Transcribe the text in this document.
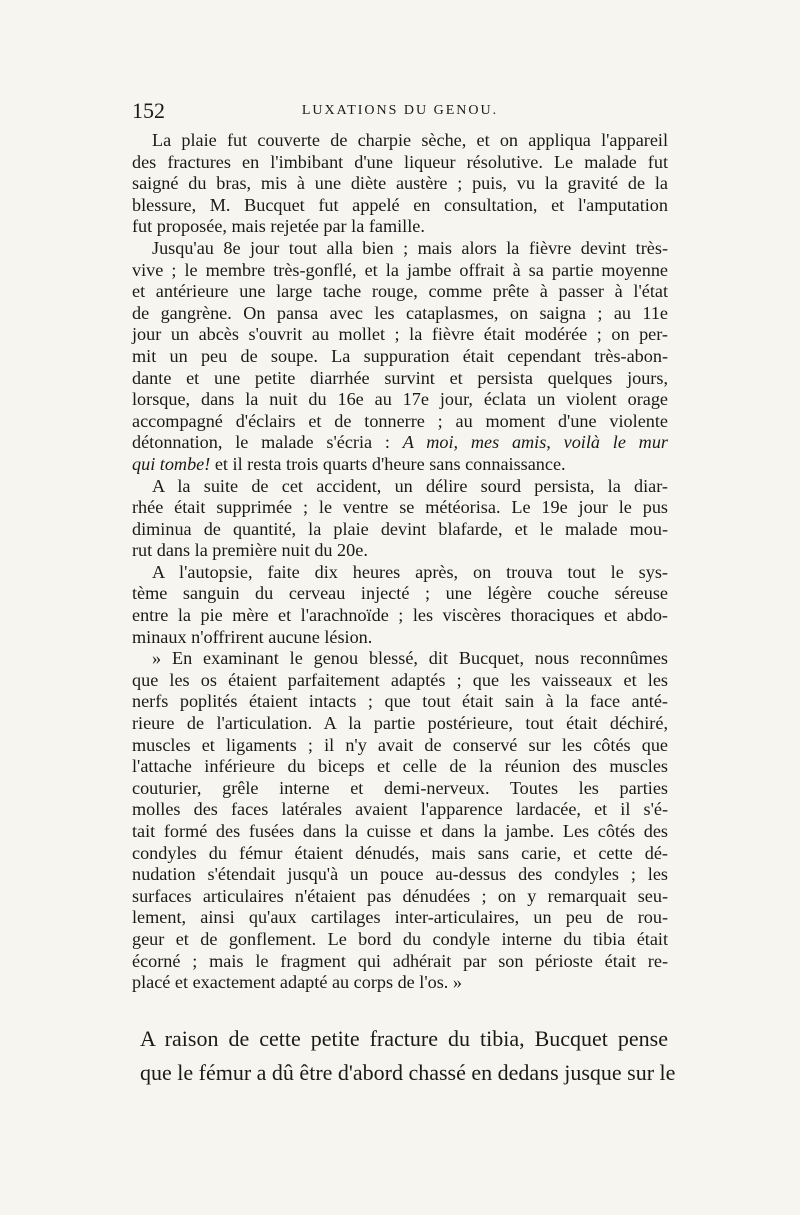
152	LUXATIONS DU GENOU.
La plaie fut couverte de charpie sèche, et on appliqua l'appareil
des fractures en l'imbibant d'une liqueur résolutive. Le malade fut
saigné du bras, mis à une diète austère ; puis, vu la gravité de la
blessure, M. Bucquet fut appelé en consultation, et l'amputation
fut proposée, mais rejetée par la famille.
Jusqu'au 8e jour tout alla bien ; mais alors la fièvre devint très-
vive ; le membre très-gonflé, et la jambe offrait à sa partie moyenne
et antérieure une large tache rouge, comme prête à passer à l'état
de gangrène. On pansa avec les cataplasmes, on saigna ; au 11e
jour un abcès s'ouvrit au mollet ; la fièvre était modérée ; on per-
mit un peu de soupe. La suppuration était cependant très-abon-
dante et une petite diarrhée survint et persista quelques jours,
lorsque, dans la nuit du 16e au 17e jour, éclata un violent orage
accompagné d'éclairs et de tonnerre ; au moment d'une violente
détonnation, le malade s'écria : A moi, mes amis, voilà le mur
qui tombe! et il resta trois quarts d'heure sans connaissance.
A la suite de cet accident, un délire sourd persista, la diar-
rhée était supprimée ; le ventre se météorisa. Le 19e jour le pus
diminua de quantité, la plaie devint blafarde, et le malade mou-
rut dans la première nuit du 20e.
A l'autopsie, faite dix heures après, on trouva tout le sys-
tème sanguin du cerveau injecté ; une légère couche séreuse
entre la pie mère et l'arachnoïde ; les viscères thoraciques et abdo-
minaux n'offrirent aucune lésion.
» En examinant le genou blessé, dit Bucquet, nous reconnûmes
que les os étaient parfaitement adaptés ; que les vaisseaux et les
nerfs poplités étaient intacts ; que tout était sain à la face anté-
rieure de l'articulation. A la partie postérieure, tout était déchiré,
muscles et ligaments ; il n'y avait de conservé sur les côtés que
l'attache inférieure du biceps et celle de la réunion des muscles
couturier, grêle interne et demi-nerveux. Toutes les parties
molles des faces latérales avaient l'apparence lardacée, et il s'é-
tait formé des fusées dans la cuisse et dans la jambe. Les côtés des
condyles du fémur étaient dénudés, mais sans carie, et cette dé-
nudation s'étendait jusqu'à un pouce au-dessus des condyles ; les
surfaces articulaires n'étaient pas dénudées ; on y remarquait seu-
lement, ainsi qu'aux cartilages inter-articulaires, un peu de rou-
geur et de gonflement. Le bord du condyle interne du tibia était
écorné ; mais le fragment qui adhérait par son périoste était re-
placé et exactement adapté au corps de l'os. »
A raison de cette petite fracture du tibia, Bucquet pense
que le fémur a dû être d'abord chassé en dedans jusque sur le
